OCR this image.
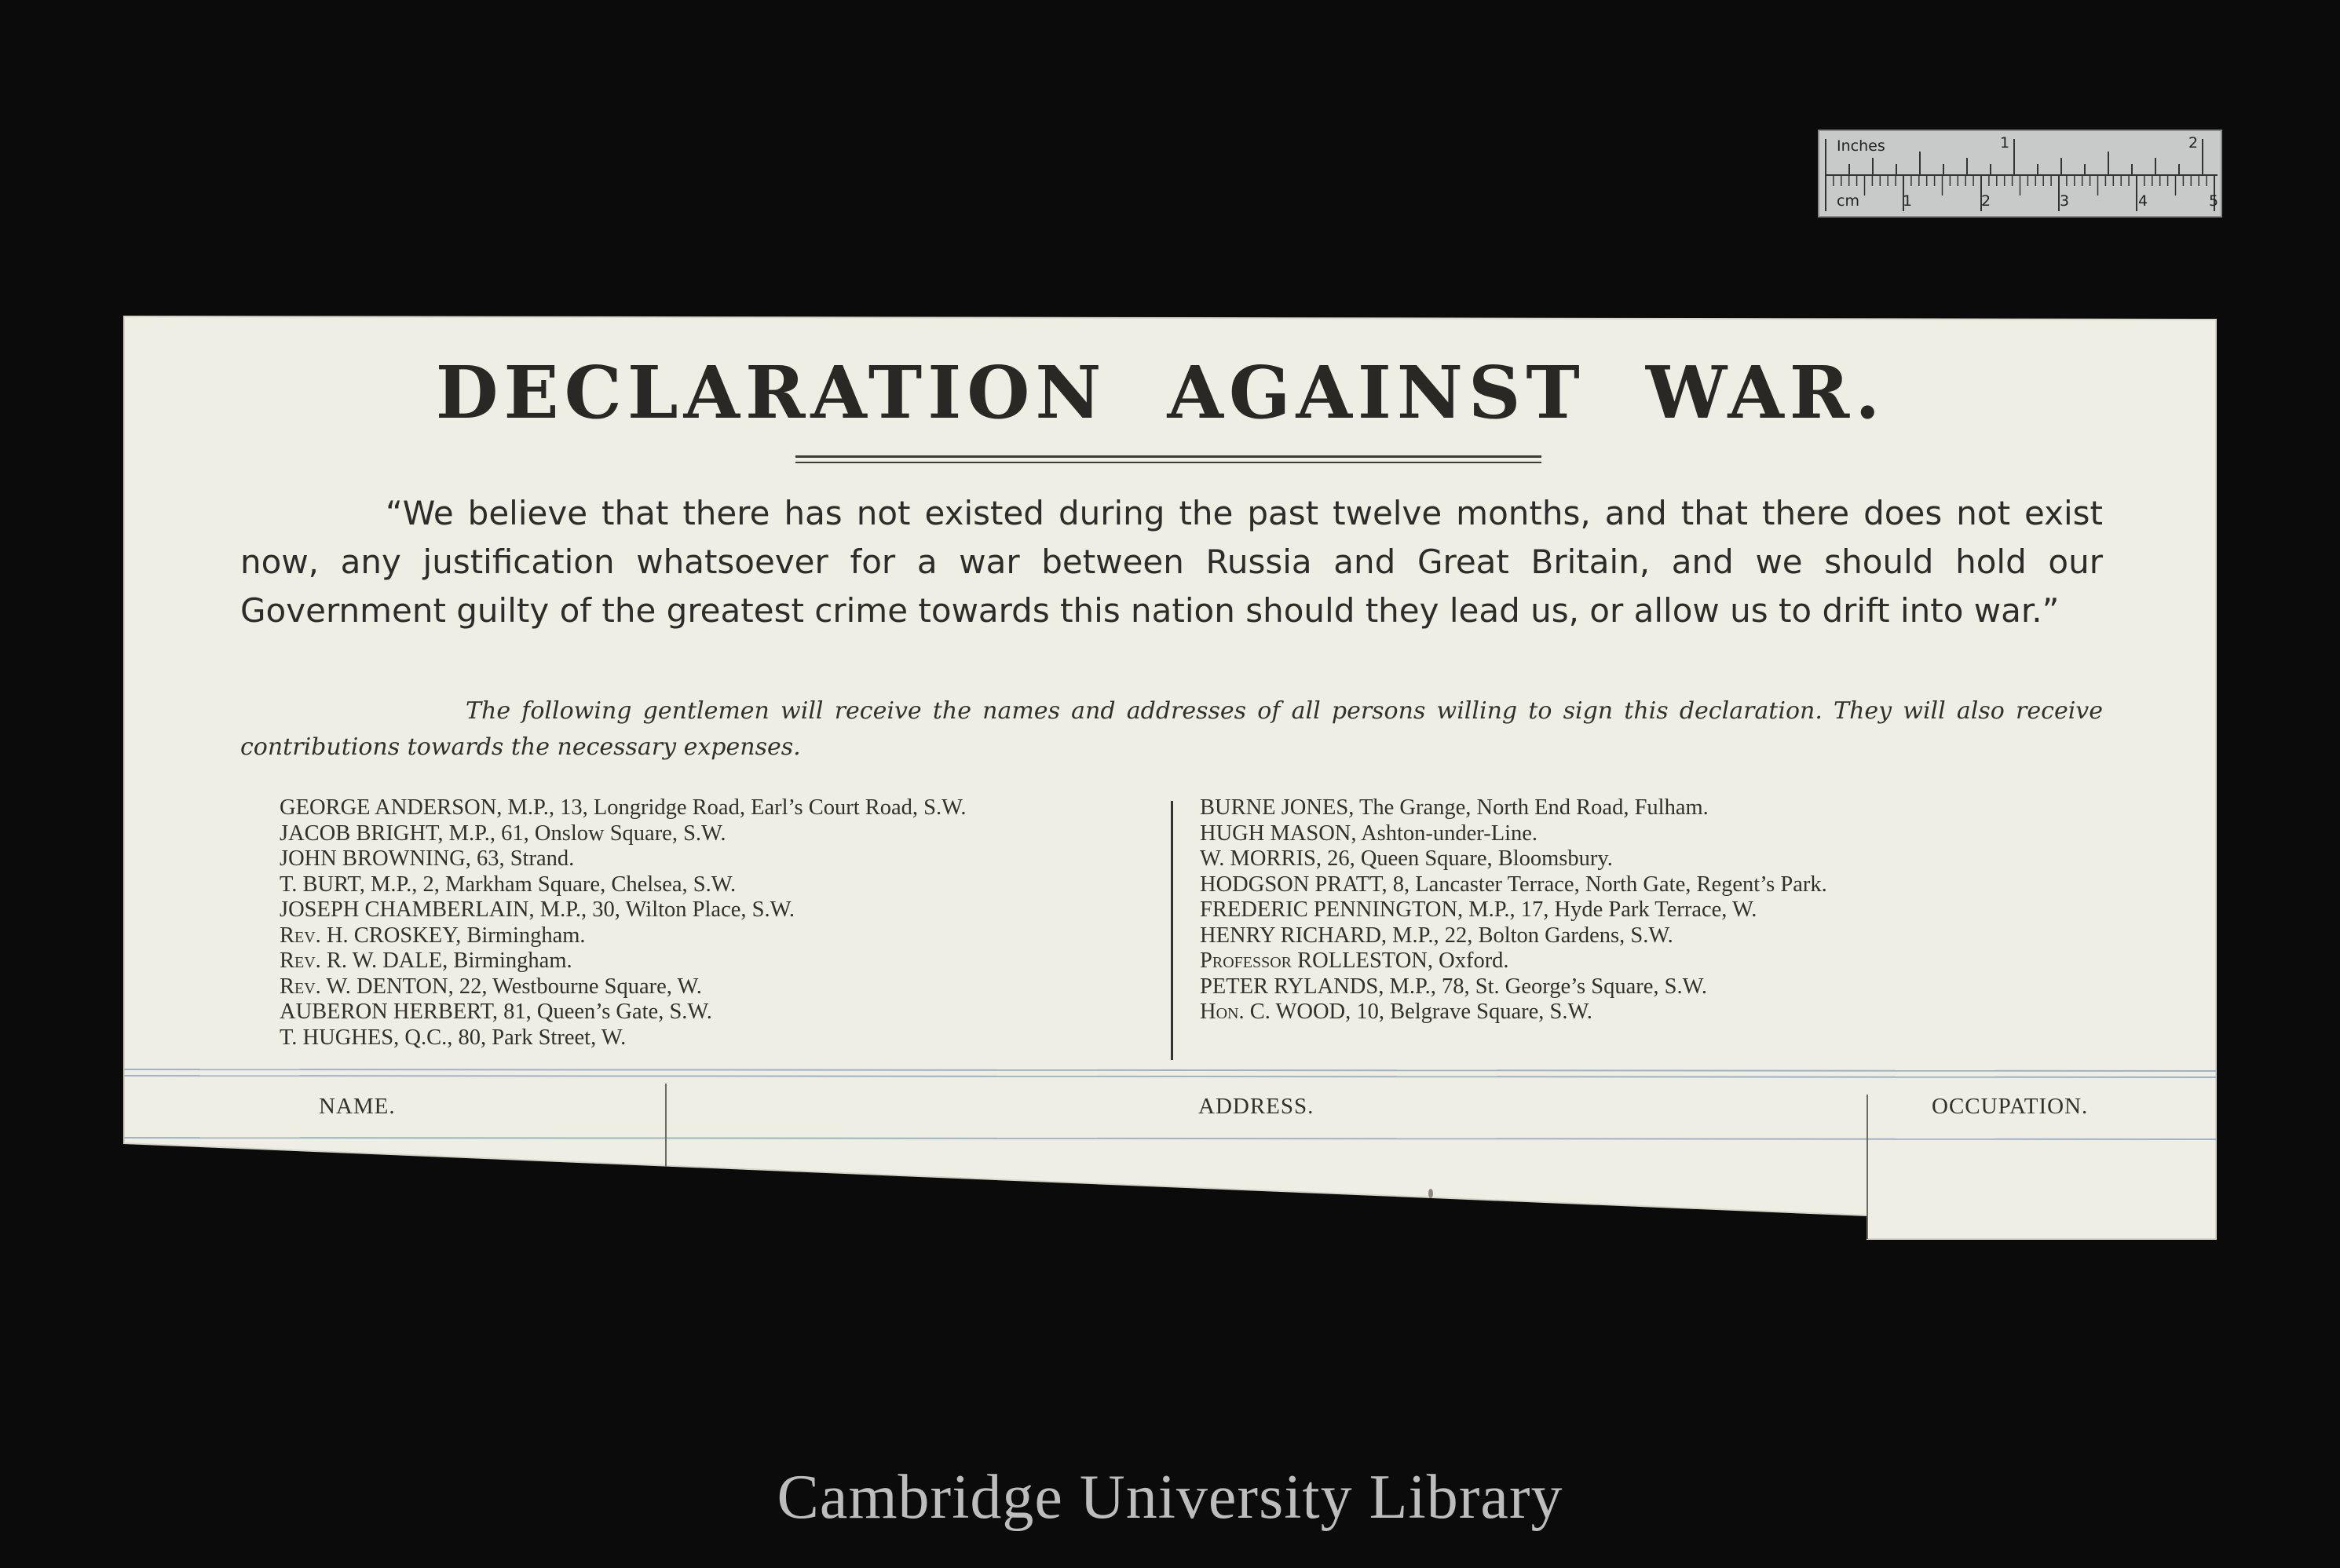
Inches	1	2
cm	1	2	3	4	5
DECLARATION AGAINST WAR.

“We believe that there has not existed during the past twelve months, and that there does not exist now, any justification whatsoever for a war between Russia and Great Britain, and we should hold our Government guilty of the greatest crime towards this nation should they lead us, or allow us to drift into war.”

The following gentlemen will receive the names and addresses of all persons willing to sign this declaration. They will also receive contributions towards the necessary expenses.

GEORGE ANDERSON, M.P., 13, Longridge Road, Earl’s Court Road, S.W.
JACOB BRIGHT, M.P., 61, Onslow Square, S.W.
JOHN BROWNING, 63, Strand.
T. BURT, M.P., 2, Markham Square, Chelsea, S.W.
JOSEPH CHAMBERLAIN, M.P., 30, Wilton Place, S.W.
Rev. H. CROSKEY, Birmingham.
Rev. R. W. DALE, Birmingham.
Rev. W. DENTON, 22, Westbourne Square, W.
AUBERON HERBERT, 81, Queen’s Gate, S.W.
T. HUGHES, Q.C., 80, Park Street, W.
BURNE JONES, The Grange, North End Road, Fulham.
HUGH MASON, Ashton-under-Line.
W. MORRIS, 26, Queen Square, Bloomsbury.
HODGSON PRATT, 8, Lancaster Terrace, North Gate, Regent’s Park.
FREDERIC PENNINGTON, M.P., 17, Hyde Park Terrace, W.
HENRY RICHARD, M.P., 22, Bolton Gardens, S.W.
Professor ROLLESTON, Oxford.
PETER RYLANDS, M.P., 78, St. George’s Square, S.W.
Hon. C. WOOD, 10, Belgrave Square, S.W.
NAME.	ADDRESS.	OCCUPATION.
Cambridge University Library
